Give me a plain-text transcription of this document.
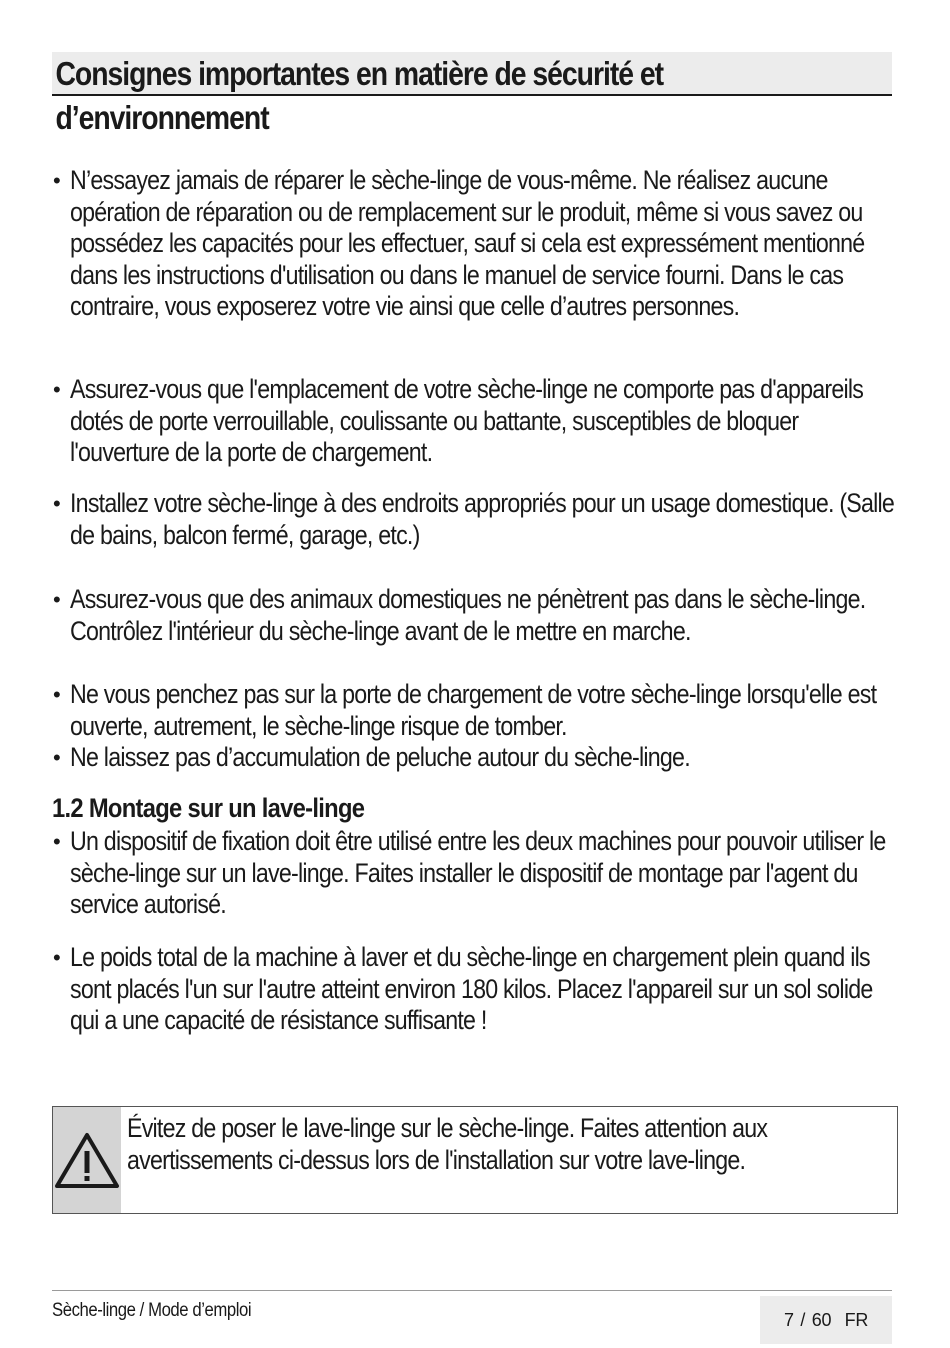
Consignes importantes en matière de sécurité et
d’environnement
• N’essayez jamais de réparer le sèche-linge de vous-même. Ne réalisez aucune opération de réparation ou de remplacement sur le produit, même si vous savez ou possédez les capacités pour les effectuer, sauf si cela est expressément mentionné dans les instructions d'utilisation ou dans le manuel de service fourni. Dans le cas contraire, vous exposerez votre vie ainsi que celle d’autres personnes.
• Assurez-vous que l'emplacement de votre sèche-linge ne comporte pas d'appareils dotés de porte verrouillable, coulissante ou battante, susceptibles de bloquer l'ouverture de la porte de chargement.
• Installez votre sèche-linge à des endroits appropriés pour un usage domestique. (Salle de bains, balcon fermé, garage, etc.)
• Assurez-vous que des animaux domestiques ne pénètrent pas dans le sèche-linge. Contrôlez l'intérieur du sèche-linge avant de le mettre en marche.
• Ne vous penchez pas sur la porte de chargement de votre sèche-linge lorsqu'elle est ouverte, autrement, le sèche-linge risque de tomber.
• Ne laissez pas d’accumulation de peluche autour du sèche-linge.
1.2 Montage sur un lave-linge
• Un dispositif de fixation doit être utilisé entre les deux machines pour pouvoir utiliser le sèche-linge sur un lave-linge. Faites installer le dispositif de montage par l'agent du service autorisé.
• Le poids total de la machine à laver et du sèche-linge en chargement plein quand ils sont placés l'un sur l'autre atteint environ 180 kilos. Placez l'appareil sur un sol solide qui a une capacité de résistance suffisante !
Évitez de poser le lave-linge sur le sèche-linge. Faites attention aux avertissements ci-dessus lors de l'installation sur votre lave-linge.
Sèche-linge / Mode d’emploi	7 / 60
FR
